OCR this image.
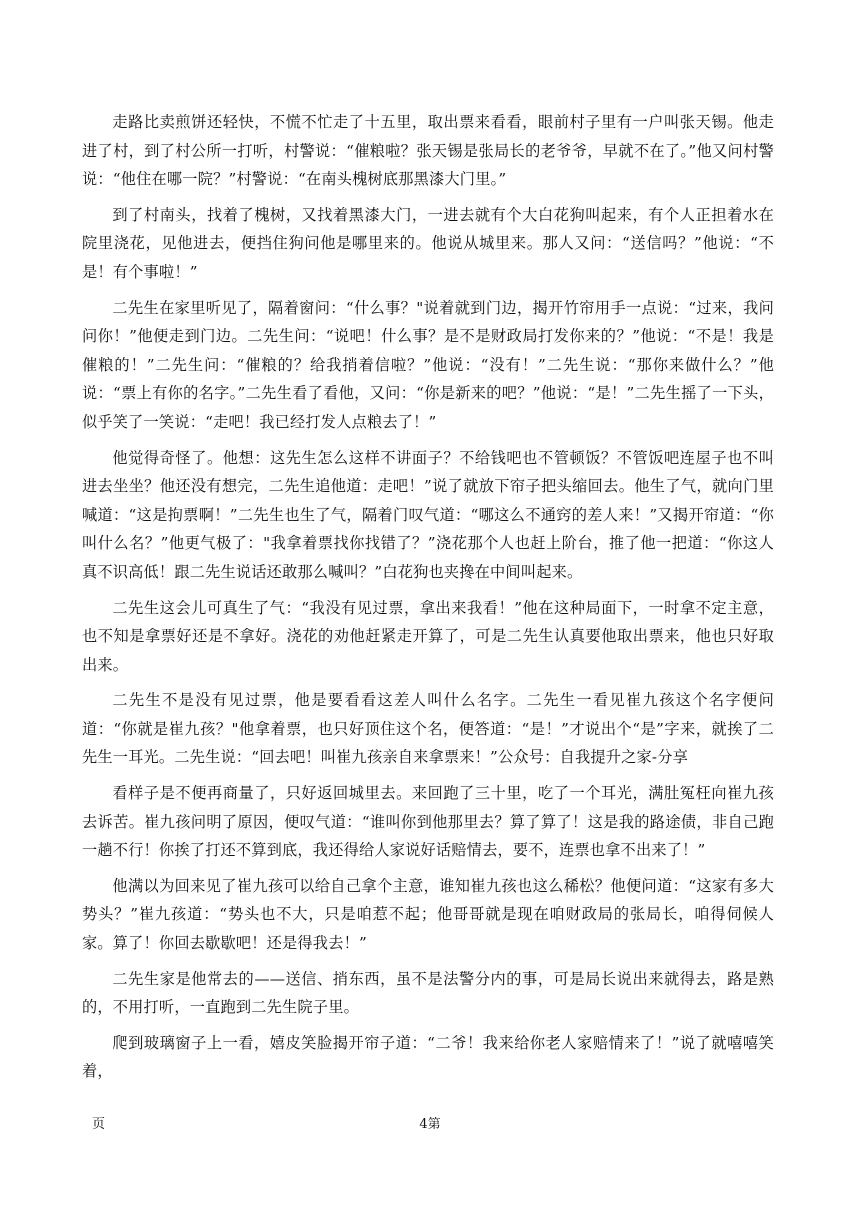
走路比卖煎饼还轻快，不慌不忙走了十五里，取出票来看看，眼前村子里有一户叫张天锡。他走进了村，到了村公所一打听，村警说：“催粮啦？张天锡是张局长的老爷爷，早就不在了。”他又问村警说：“他住在哪一院？”村警说：“在南头槐树底那黑漆大门里。”

到了村南头，找着了槐树，又找着黑漆大门，一进去就有个大白花狗叫起来，有个人正担着水在院里浇花，见他进去，便挡住狗问他是哪里来的。他说从城里来。那人又问：“送信吗？”他说：“不是！有个事啦！”

二先生在家里听见了，隔着窗问：“什么事？"说着就到门边，揭开竹帘用手一点说：“过来，我问问你！”他便走到门边。二先生问：“说吧！什么事？是不是财政局打发你来的？”他说：“不是！我是催粮的！”二先生问：“催粮的？给我捎着信啦？”他说：“没有！”二先生说：“那你来做什么？”他说：“票上有你的名字。”二先生看了看他，又问：“你是新来的吧？”他说：“是！”二先生摇了一下头，似乎笑了一笑说：“走吧！我已经打发人点粮去了！”

他觉得奇怪了。他想：这先生怎么这样不讲面子？不给钱吧也不管顿饭？不管饭吧连屋子也不叫进去坐坐？他还没有想完，二先生追他道：走吧！”说了就放下帘子把头缩回去。他生了气，就向门里喊道：“这是拘票啊！”二先生也生了气，隔着门叹气道：“哪这么不通窍的差人来！”又揭开帘道：“你叫什么名？”他更气极了："我拿着票找你找错了？”浇花那个人也赶上阶台，推了他一把道：“你这人真不识高低！跟二先生说话还敢那么喊叫？”白花狗也夹搀在中间叫起来。

二先生这会儿可真生了气：“我没有见过票，拿出来我看！”他在这种局面下，一时拿不定主意，也不知是拿票好还是不拿好。浇花的劝他赶紧走开算了，可是二先生认真要他取出票来，他也只好取出来。

二先生不是没有见过票，他是要看看这差人叫什么名字。二先生一看见崔九孩这个名字便问道：“你就是崔九孩？"他拿着票，也只好顶住这个名，便答道：“是！”才说出个“是”字来，就挨了二先生一耳光。二先生说：“回去吧！叫崔九孩亲自来拿票来！”公众号：自我提升之家-分享

看样子是不便再商量了，只好返回城里去。来回跑了三十里，吃了一个耳光，满肚冤枉向崔九孩去诉苦。崔九孩问明了原因，便叹气道：“谁叫你到他那里去？算了算了！这是我的路途债，非自己跑一趟不行！你挨了打还不算到底，我还得给人家说好话赔情去，要不，连票也拿不出来了！”

他满以为回来见了崔九孩可以给自己拿个主意，谁知崔九孩也这么稀松？他便问道：“这家有多大势头？”崔九孩道：“势头也不大，只是咱惹不起；他哥哥就是现在咱财政局的张局长，咱得伺候人家。算了！你回去歇歇吧！还是得我去！”

二先生家是他常去的——送信、捎东西，虽不是法警分内的事，可是局长说出来就得去，路是熟的，不用打听，一直跑到二先生院子里。

爬到玻璃窗子上一看，嬉皮笑脸揭开帘子道：“二爷！我来给你老人家赔情来了！”说了就嘻嘻笑着，

页	4第
